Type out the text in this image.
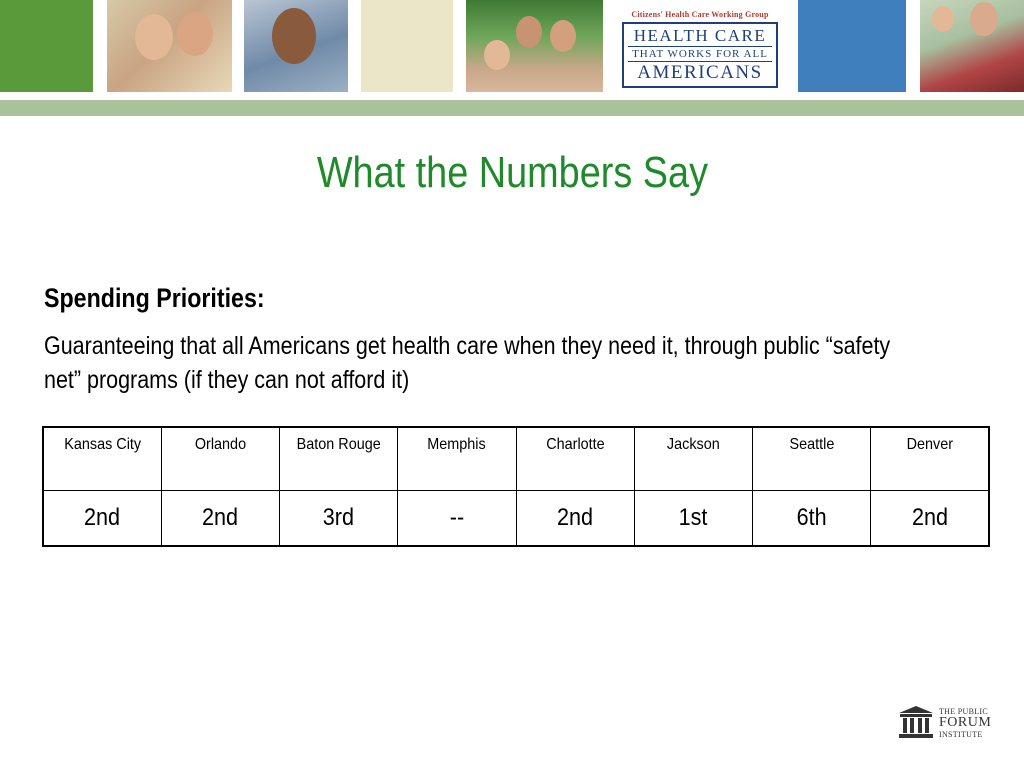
Citizens' Health Care Working Group
HEALTH CARE
THAT WORKS FOR ALL
AMERICANS
What the Numbers Say
Spending Priorities:
Guaranteeing that all Americans get health care when they need it, through public “safety
net” programs (if they can not afford it)
Kansas City	Orlando	Baton Rouge	Memphis	Charlotte	Jackson	Seattle	Denver
2nd	2nd	3rd	--	2nd	1st	6th	2nd
THE PUBLIC
FORUM
INSTITUTE
